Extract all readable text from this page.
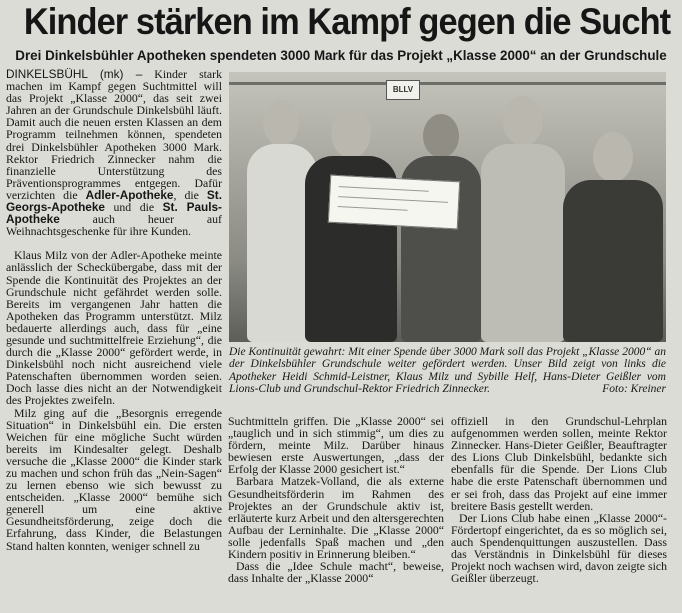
Kinder stärken im Kampf gegen die Sucht
Drei Dinkelsbühler Apotheken spendeten 3000 Mark für das Projekt „Klasse 2000“ an der Grundschule

DINKELSBÜHL (mk) – Kinder stark machen im Kampf gegen Suchtmittel will das Projekt „Klasse 2000“, das seit zwei Jahren an der Grundschule Dinkelsbühl läuft. Damit auch die neuen ersten Klassen an dem Programm teilnehmen können, spendeten drei Dinkelsbühler Apotheken 3000 Mark. Rektor Friedrich Zinnecker nahm die finanzielle Unterstützung des Präventionsprogrammes entgegen. Dafür verzichten die Adler-Apotheke, die St. Georgs-Apotheke und die St. Pauls-Apotheke auch heuer auf Weihnachtsgeschenke für ihre Kunden.

Klaus Milz von der Adler-Apotheke meinte anlässlich der Scheckübergabe, dass mit der Spende die Kontinuität des Projektes an der Grundschule nicht gefährdet werden solle. Bereits im vergangenen Jahr hatten die Apotheken das Programm unterstützt. Milz bedauerte allerdings auch, dass für „eine gesunde und suchtmittelfreie Erziehung“, die durch die „Klasse 2000“ gefördert werde, in Dinkelsbühl noch nicht ausreichend viele Patenschaften übernommen worden seien. Doch lasse dies nicht an der Notwendigkeit des Projektes zweifeln.

Milz ging auf die „Besorgnis erregende Situation“ in Dinkelsbühl ein. Die ersten Weichen für eine mögliche Sucht würden bereits im Kindesalter gelegt. Deshalb versuche die „Klasse 2000“ die Kinder stark zu machen und schon früh das „Nein-Sagen“ zu lernen ebenso wie sich bewusst zu entscheiden. „Klasse 2000“ bemühe sich generell um eine aktive Gesundheitsförderung, zeige doch die Erfahrung, dass Kinder, die Belastungen Stand halten konnten, weniger schnell zu

BLLV
Die Kontinuität gewahrt: Mit einer Spende über 3000 Mark soll das Projekt „Klasse 2000“ an der Dinkelsbühler Grundschule weiter gefördert werden. Unser Bild zeigt von links die Apotheker Heidi Schmid-Leistner, Klaus Milz und Sybille Helf, Hans-Dieter Geißler vom Lions-Club und Grundschul-Rektor Friedrich Zinnecker.	Foto: Kreiner

Suchtmitteln griffen. Die „Klasse 2000“ sei „tauglich und in sich stimmig“, um dies zu fördern, meinte Milz. Darüber hinaus bewiesen erste Auswertungen, „dass der Erfolg der Klasse 2000 gesichert ist.“

Barbara Matzek-Volland, die als externe Gesundheitsförderin im Rahmen des Projektes an der Grundschule aktiv ist, erläuterte kurz Arbeit und den altersgerechten Aufbau der Lerninhalte. Die „Klasse 2000“ solle jedenfalls Spaß machen und „den Kindern positiv in Erinnerung bleiben.“

Dass die „Idee Schule macht“, beweise, dass Inhalte der „Klasse 2000“

offiziell in den Grundschul-Lehrplan aufgenommen werden sollen, meinte Rektor Zinnecker. Hans-Dieter Geißler, Beauftragter des Lions Club Dinkelsbühl, bedankte sich ebenfalls für die Spende. Der Lions Club habe die erste Patenschaft übernommen und er sei froh, dass das Projekt auf eine immer breitere Basis gestellt werden.

Der Lions Club habe einen „Klasse 2000“-Fördertopf eingerichtet, da es so möglich sei, auch Spendenquittungen auszustellen. Dass das Verständnis in Dinkelsbühl für dieses Projekt noch wachsen wird, davon zeigte sich Geißler überzeugt.
